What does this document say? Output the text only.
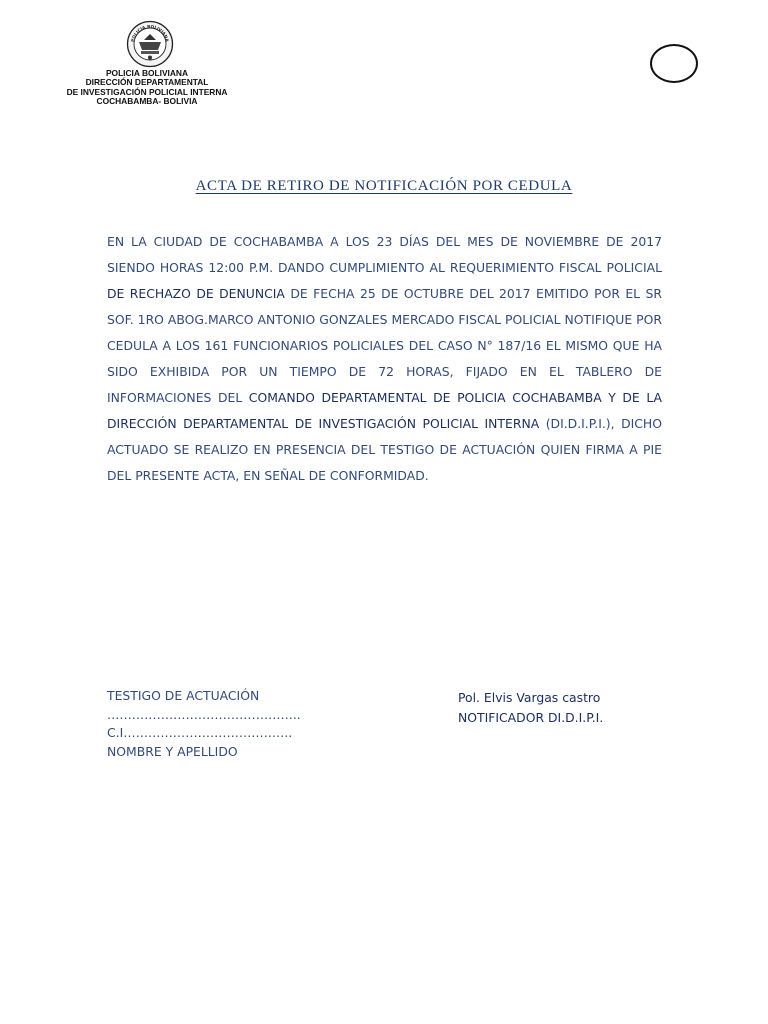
POLICIA BOLIVIANA
POLICIA BOLIVIANA
DIRECCIÓN DEPARTAMENTAL
DE INVESTIGACIÓN POLICIAL INTERNA
COCHABAMBA- BOLIVIA
ACTA DE RETIRO DE NOTIFICACIÓN POR CEDULA

EN LA CIUDAD DE COCHABAMBA A LOS 23 DÍAS DEL MES DE NOVIEMBRE DE 2017 SIENDO HORAS 12:00 P.M. DANDO CUMPLIMIENTO AL REQUERIMIENTO FISCAL POLICIAL DE RECHAZO DE DENUNCIA DE FECHA 25 DE OCTUBRE DEL 2017 EMITIDO POR EL SR SOF. 1RO ABOG.MARCO ANTONIO GONZALES MERCADO FISCAL POLICIAL NOTIFIQUE POR CEDULA A LOS 161 FUNCIONARIOS POLICIALES DEL CASO N° 187/16 EL MISMO QUE HA SIDO EXHIBIDA POR UN TIEMPO DE 72 HORAS, FIJADO EN EL TABLERO DE INFORMACIONES DEL COMANDO DEPARTAMENTAL DE POLICIA COCHABAMBA Y DE LA DIRECCIÓN DEPARTAMENTAL DE INVESTIGACIÓN POLICIAL INTERNA (DI.D.I.P.I.), DICHO ACTUADO SE REALIZO EN PRESENCIA DEL TESTIGO DE ACTUACIÓN QUIEN FIRMA A PIE DEL PRESENTE ACTA, EN SEÑAL DE CONFORMIDAD.

TESTIGO DE ACTUACIÓN
………………………………………..
C.I…………………………………..
NOMBRE Y APELLIDO
Pol. Elvis Vargas castro
NOTIFICADOR DI.D.I.P.I.
